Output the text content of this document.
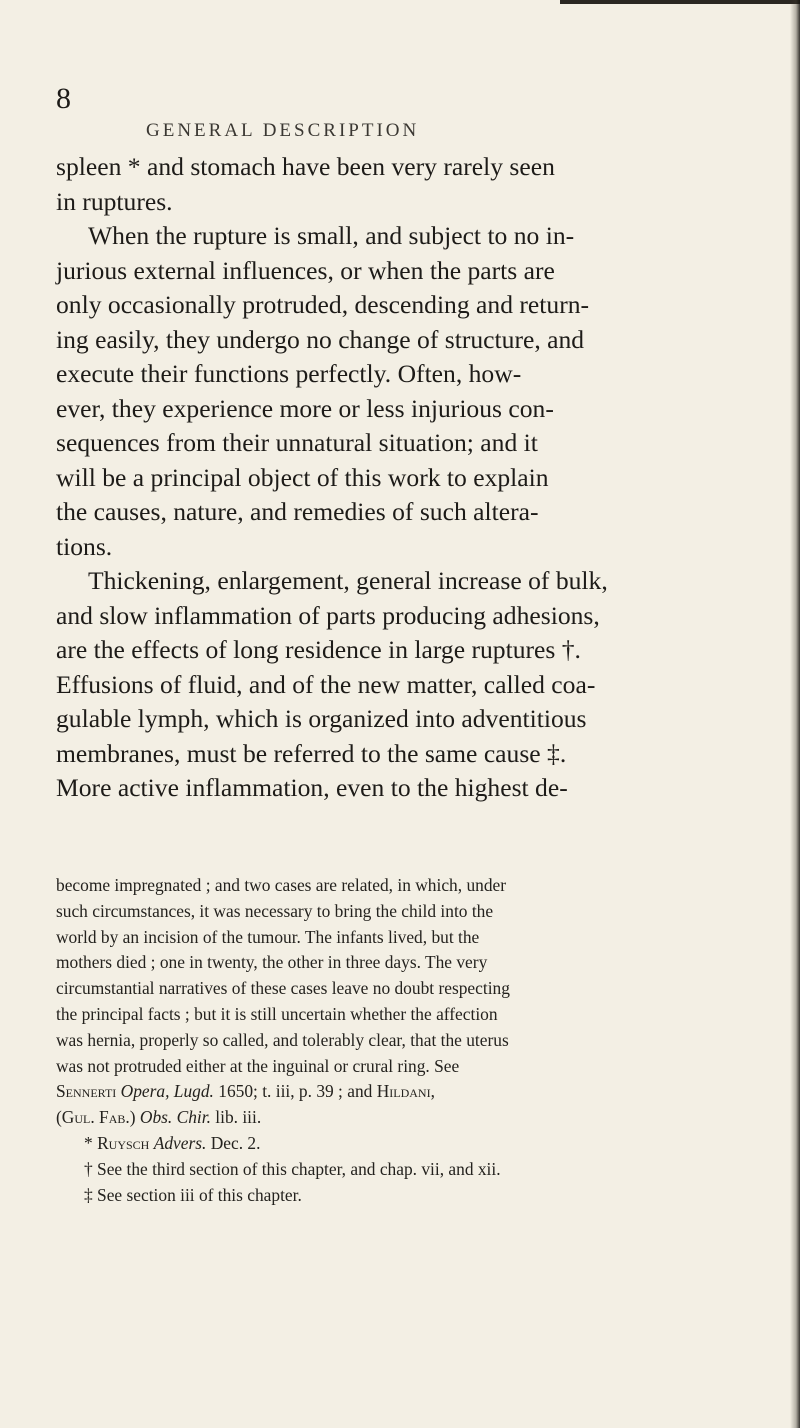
8
GENERAL DESCRIPTION
spleen * and stomach have been very rarely seen
in ruptures.
When the rupture is small, and subject to no in-
jurious external influences, or when the parts are
only occasionally protruded, descending and return-
ing easily, they undergo no change of structure, and
execute their functions perfectly. Often, how-
ever, they experience more or less injurious con-
sequences from their unnatural situation; and it
will be a principal object of this work to explain
the causes, nature, and remedies of such altera-
tions.
Thickening, enlargement, general increase of bulk,
and slow inflammation of parts producing adhesions,
are the effects of long residence in large ruptures †.
Effusions of fluid, and of the new matter, called coa-
gulable lymph, which is organized into adventitious
membranes, must be referred to the same cause ‡.
More active inflammation, even to the highest de-
become impregnated ; and two cases are related, in which, under
such circumstances, it was necessary to bring the child into the
world by an incision of the tumour. The infants lived, but the
mothers died ; one in twenty, the other in three days. The very
circumstantial narratives of these cases leave no doubt respecting
the principal facts ; but it is still uncertain whether the affection
was hernia, properly so called, and tolerably clear, that the uterus
was not protruded either at the inguinal or crural ring. See
Sennerti Opera, Lugd. 1650; t. iii, p. 39 ; and Hildani,
(Gul. Fab.) Obs. Chir. lib. iii.
* Ruysch Advers. Dec. 2.
† See the third section of this chapter, and chap. vii, and xii.
‡ See section iii of this chapter.
